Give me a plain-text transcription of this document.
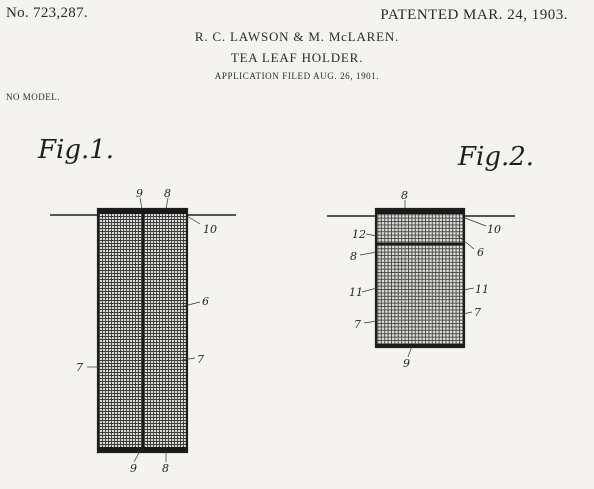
No. 723,287.	PATENTED MAR. 24, 1903.
R. C. LAWSON & M. McLAREN.
TEA LEAF HOLDER.
APPLICATION FILED AUG. 26, 1901.
NO MODEL.
Fig.1.
9 8
10
6
7
7
9 8
Fig.2.
8
10
12
6
8
11	11
7
7
9
